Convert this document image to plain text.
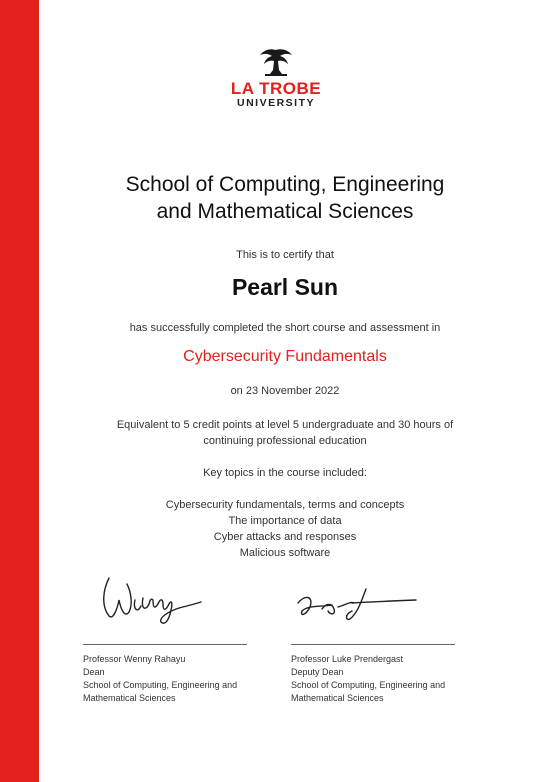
LA TROBE
UNIVERSITY
School of Computing, Engineering
and Mathematical Sciences
This is to certify that
Pearl Sun
has successfully completed the short course and assessment in
Cybersecurity Fundamentals
on 23 November 2022
Equivalent to 5 credit points at level 5 undergraduate and 30 hours of
continuing professional education
Key topics in the course included:
Cybersecurity fundamentals, terms and concepts
The importance of data
Cyber attacks and responses
Malicious software
Professor Wenny Rahayu
Dean
School of Computing, Engineering and
Mathematical Sciences
Professor Luke Prendergast
Deputy Dean
School of Computing, Engineering and
Mathematical Sciences
